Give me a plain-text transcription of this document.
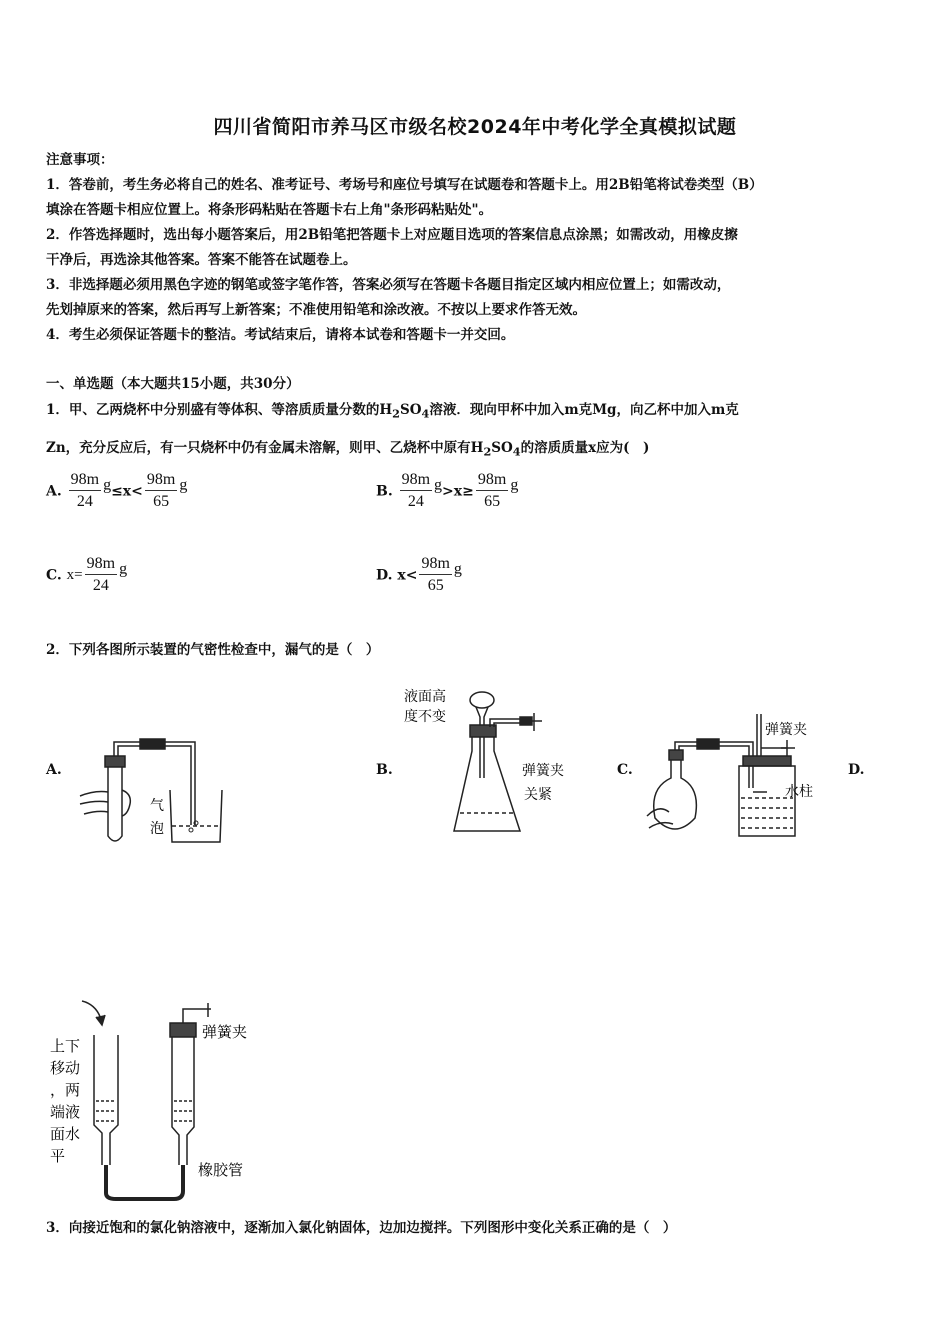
四川省简阳市养马区市级名校2024年中考化学全真模拟试题
注意事项：
1．答卷前，考生务必将自己的姓名、准考证号、考场号和座位号填写在试题卷和答题卡上。用2B铅笔将试卷类型（B）
填涂在答题卡相应位置上。将条形码粘贴在答题卡右上角"条形码粘贴处"。
2．作答选择题时，选出每小题答案后，用2B铅笔把答题卡上对应题目选项的答案信息点涂黑；如需改动，用橡皮擦
干净后，再选涂其他答案。答案不能答在试题卷上。
3．非选择题必须用黑色字迹的钢笔或签字笔作答，答案必须写在答题卡各题目指定区域内相应位置上；如需改动，
先划掉原来的答案，然后再写上新答案；不准使用铅笔和涂改液。不按以上要求作答无效。
4．考生必须保证答题卡的整洁。考试结束后，请将本试卷和答题卡一并交回。
一、单选题（本大题共15小题，共30分）
1．甲、乙两烧杯中分别盛有等体积、等溶质质量分数的$H_2SO_4$溶液．现向甲杯中加入m克Mg，向乙杯中加入m克
Zn，充分反应后，有一只烧杯中仍有金属未溶解，则甲、乙烧杯中原有$H_2SO_4$的溶质质量x应为(　)
A. $\frac{98m}{24} g\le x< \frac{98m}{65}$ g	B. $\frac{98m}{24} g>x\ge \frac{98m}{65}$ g
C. $x= \frac{98m}{24}$ g	D. $x< \frac{98m}{65}$ g
2．下列各图所示装置的气密性检查中，漏气的是（　）
A.	B.	C.	D.
气
泡
液面高
度不变
弹簧夹
关紧
弹簧夹
水柱
上下
移动
，两
端液
面水
平
弹簧夹
橡胶管
3．向接近饱和的氯化钠溶液中，逐渐加入氯化钠固体，边加边搅拌。下列图形中变化关系正确的是（　）
